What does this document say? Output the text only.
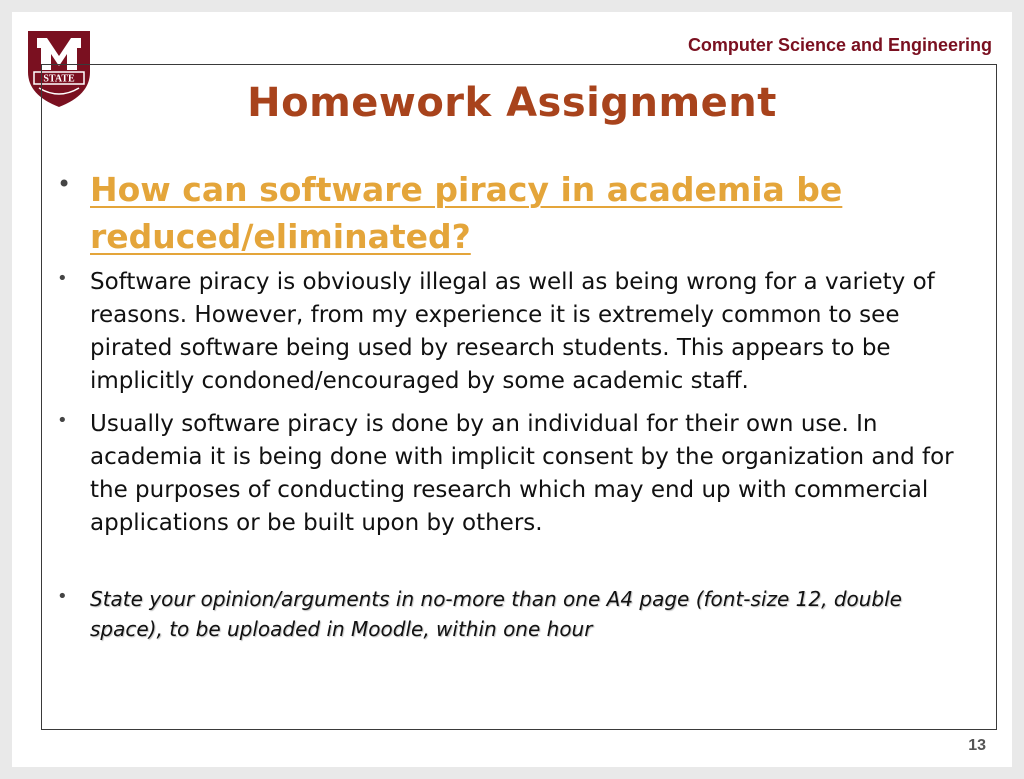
STATE
Computer Science and Engineering
Homework Assignment
• How can software piracy in academia be reduced/eliminated?
• Software piracy is obviously illegal as well as being wrong for a variety of reasons. However, from my experience it is extremely common to see pirated software being used by research students. This appears to be implicitly condoned/encouraged by some academic staff.
• Usually software piracy is done by an individual for their own use. In academia it is being done with implicit consent by the organization and for the purposes of conducting research which may end up with commercial applications or be built upon by others.
•	State your opinion/arguments in no-more than one A4 page (font-size 12, double space), to be uploaded in Moodle, within one hour
13
